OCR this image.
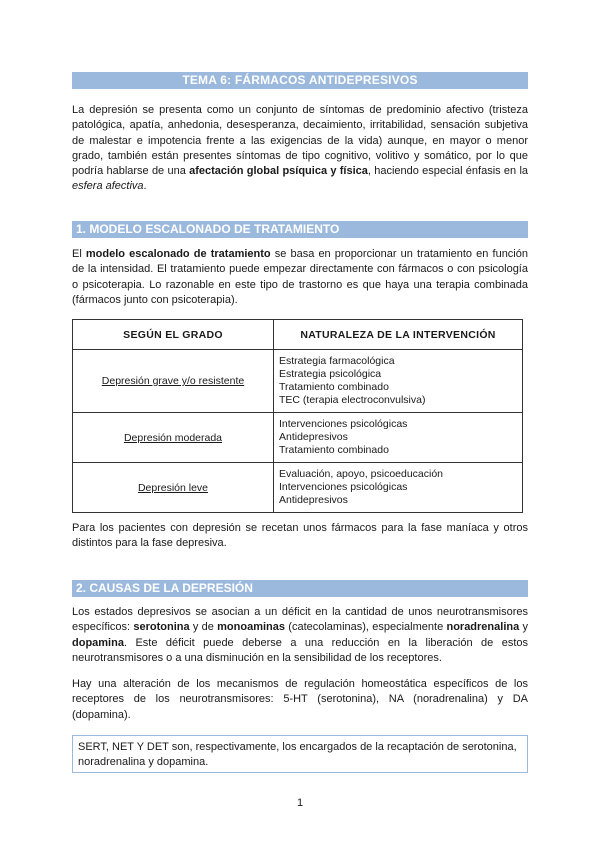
TEMA 6: FÁRMACOS ANTIDEPRESIVOS
La depresión se presenta como un conjunto de síntomas de predominio afectivo (tristeza patológica, apatía, anhedonia, desesperanza, decaimiento, irritabilidad, sensación subjetiva de malestar e impotencia frente a las exigencias de la vida) aunque, en mayor o menor grado, también están presentes síntomas de tipo cognitivo, volitivo y somático, por lo que podría hablarse de una afectación global psíquica y física, haciendo especial énfasis en la esfera afectiva.
1. MODELO ESCALONADO DE TRATAMIENTO
El modelo escalonado de tratamiento se basa en proporcionar un tratamiento en función de la intensidad. El tratamiento puede empezar directamente con fármacos o con psicología o psicoterapia. Lo razonable en este tipo de trastorno es que haya una terapia combinada (fármacos junto con psicoterapia).
SEGÚN EL GRADO	NATURALEZA DE LA INTERVENCIÓN
Depresión grave y/o resistente	Estrategia farmacológica
Estrategia psicológica
Tratamiento combinado
TEC (terapia electroconvulsiva)

Depresión moderada	Intervenciones psicológicas
Antidepresivos
Tratamiento combinado

Depresión leve	Evaluación, apoyo, psicoeducación
Intervenciones psicológicas
Antidepresivos
Para los pacientes con depresión se recetan unos fármacos para la fase maníaca y otros distintos para la fase depresiva.
2. CAUSAS DE LA DEPRESIÓN
Los estados depresivos se asocian a un déficit en la cantidad de unos neurotransmisores específicos: serotonina y de monoaminas (catecolaminas), especialmente noradrenalina y dopamina. Este déficit puede deberse a una reducción en la liberación de estos neurotransmisores o a una disminución en la sensibilidad de los receptores.
Hay una alteración de los mecanismos de regulación homeostática específicos de los receptores de los neurotransmisores: 5-HT (serotonina), NA (noradrenalina) y DA (dopamina).
SERT, NET Y DET son, respectivamente, los encargados de la recaptación de serotonina, noradrenalina y dopamina.
1
